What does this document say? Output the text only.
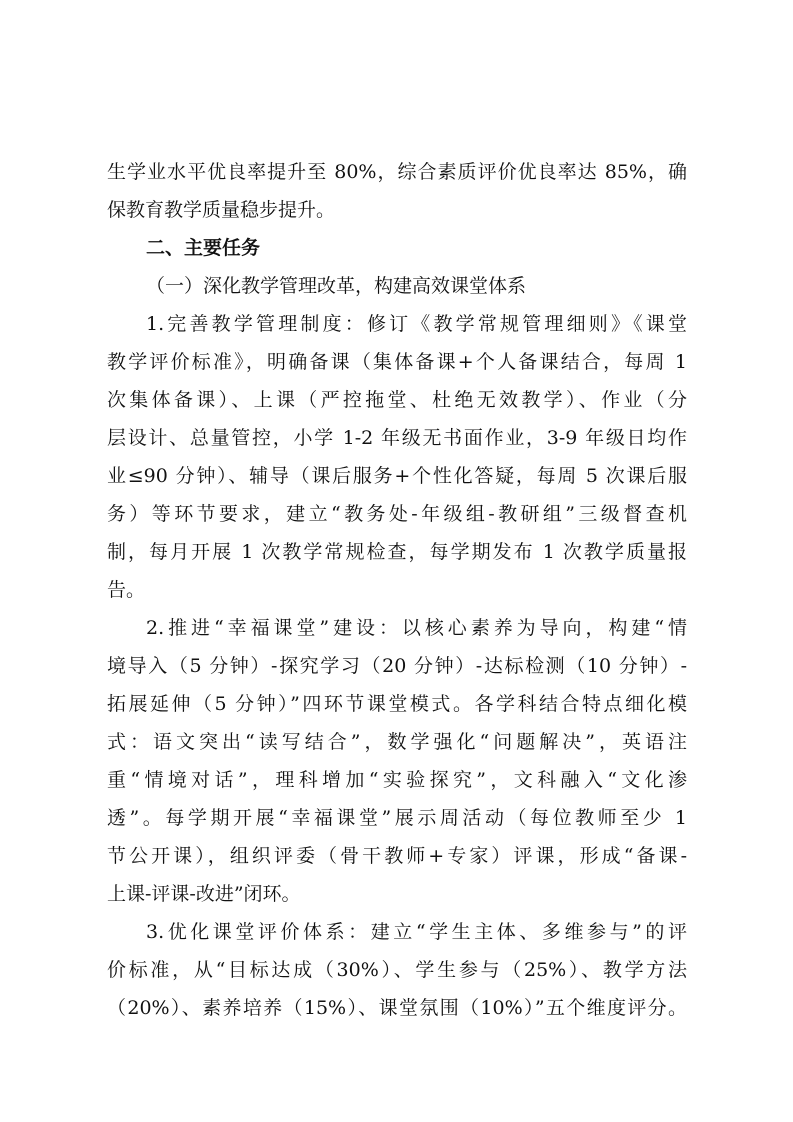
生学业水平优良率提升至 80%，综合素质评价优良率达 85%，确
保教育教学质量稳步提升。
二、主要任务
（一）深化教学管理改革，构建高效课堂体系
1.完善教学管理制度：修订《教学常规管理细则》《课堂
教学评价标准》，明确备课（集体备课+个人备课结合，每周 1
次集体备课）、上课（严控拖堂、杜绝无效教学）、作业（分
层设计、总量管控，小学 1-2 年级无书面作业，3-9 年级日均作
业≤90 分钟）、辅导（课后服务+个性化答疑，每周 5 次课后服
务）等环节要求，建立“教务处-年级组-教研组”三级督查机
制，每月开展 1 次教学常规检查，每学期发布 1 次教学质量报
告。
2.推进“幸福课堂”建设：以核心素养为导向，构建“情
境导入（5 分钟）-探究学习（20 分钟）-达标检测（10 分钟）-
拓展延伸（5 分钟）”四环节课堂模式。各学科结合特点细化模
式：语文突出“读写结合”，数学强化“问题解决”，英语注
重“情境对话”，理科增加“实验探究”，文科融入“文化渗
透”。每学期开展“幸福课堂”展示周活动（每位教师至少 1
节公开课），组织评委（骨干教师+专家）评课，形成“备课-
上课-评课-改进”闭环。
3.优化课堂评价体系：建立“学生主体、多维参与”的评
价标准，从“目标达成（30%）、学生参与（25%）、教学方法
（20%）、素养培养（15%）、课堂氛围（10%）”五个维度评分。
